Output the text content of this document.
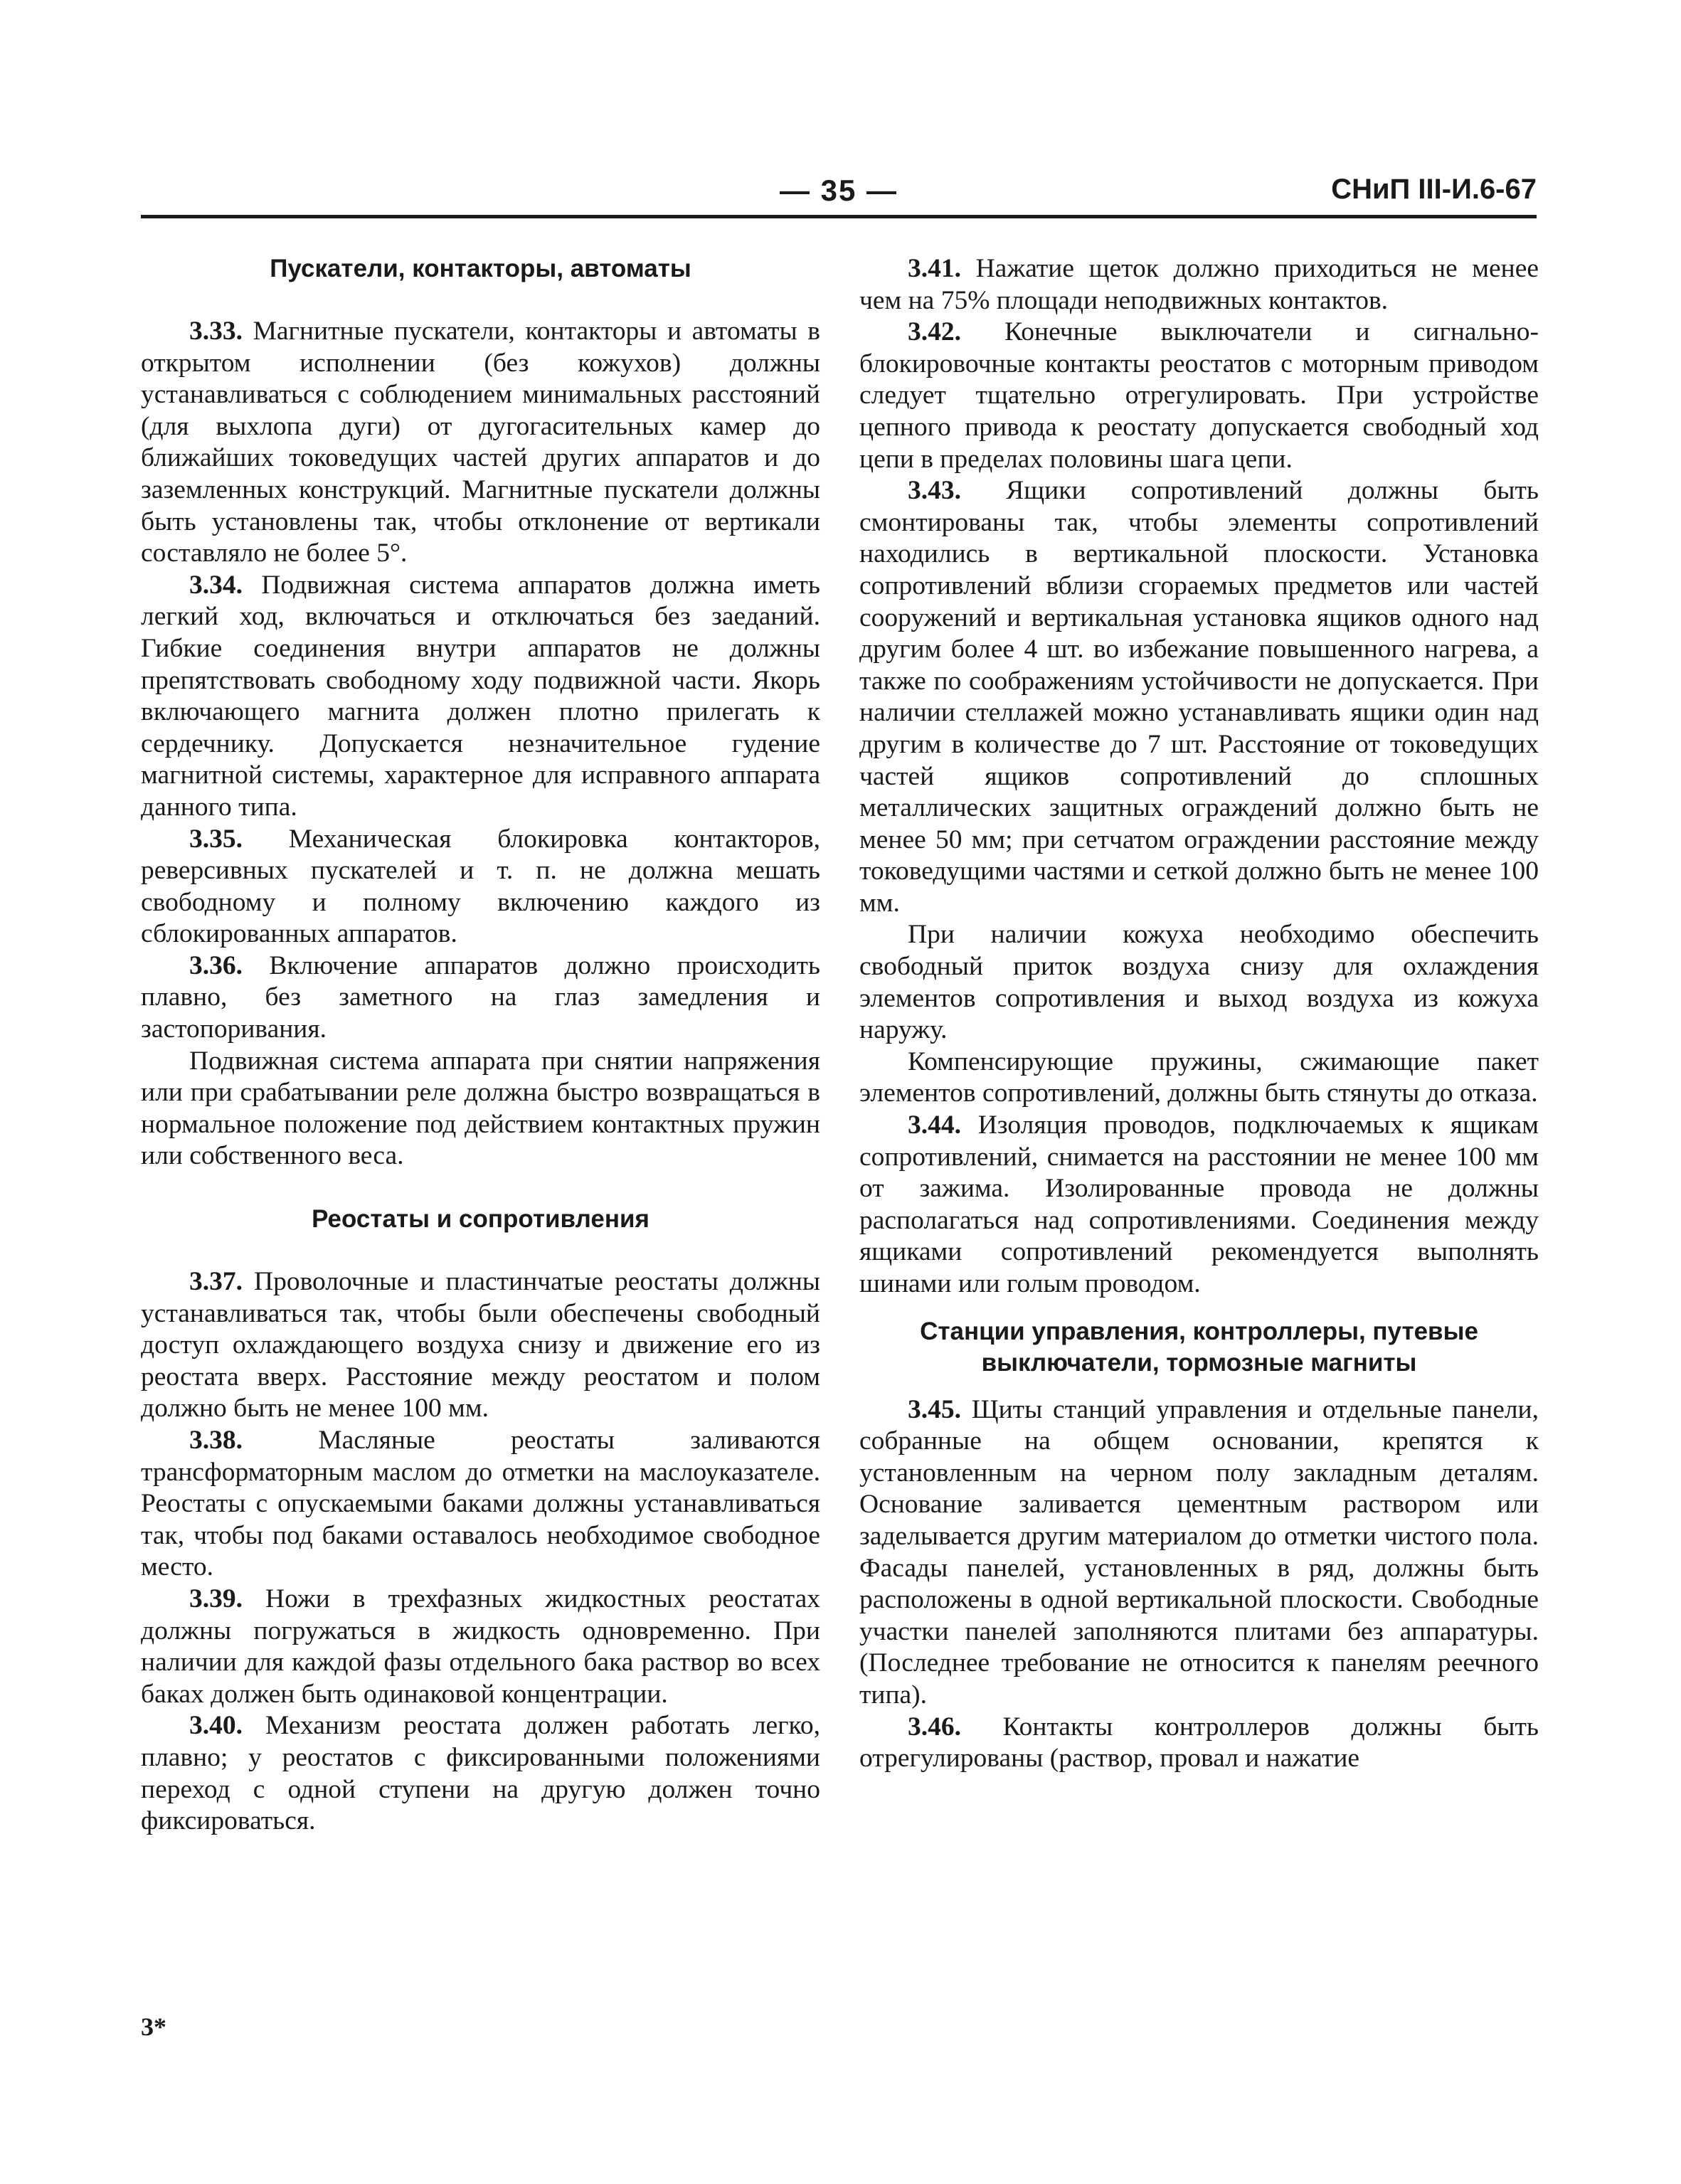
— 35 —	СНиП III-И.6-67
Пускатели, контакторы, автоматы

3.33. Магнитные пускатели, контакторы и автоматы в открытом исполнении (без кожухов) должны устанавливаться с соблюдением минимальных расстояний (для выхлопа дуги) от дугогасительных камер до ближайших токоведущих частей других аппаратов и до заземленных конструкций. Магнитные пускатели должны быть установлены так, чтобы отклонение от вертикали составляло не более 5°.

3.34. Подвижная система аппаратов должна иметь легкий ход, включаться и отключаться без заеданий. Гибкие соединения внутри аппаратов не должны препятствовать свободному ходу подвижной части. Якорь включающего магнита должен плотно прилегать к сердечнику. Допускается незначительное гудение магнитной системы, характерное для исправного аппарата данного типа.

3.35. Механическая блокировка контакторов, реверсивных пускателей и т. п. не должна мешать свободному и полному включению каждого из сблокированных аппаратов.

3.36. Включение аппаратов должно происходить плавно, без заметного на глаз замедления и застопоривания.

Подвижная система аппарата при снятии напряжения или при срабатывании реле должна быстро возвращаться в нормальное положение под действием контактных пружин или собственного веса.

Реостаты и сопротивления

3.37. Проволочные и пластинчатые реостаты должны устанавливаться так, чтобы были обеспечены свободный доступ охлаждающего воздуха снизу и движение его из реостата вверх. Расстояние между реостатом и полом должно быть не менее 100 мм.

3.38. Масляные реостаты заливаются трансформаторным маслом до отметки на маслоуказателе. Реостаты с опускаемыми баками должны устанавливаться так, чтобы под баками оставалось необходимое свободное место.

3.39. Ножи в трехфазных жидкостных реостатах должны погружаться в жидкость одновременно. При наличии для каждой фазы отдельного бака раствор во всех баках должен быть одинаковой концентрации.

3.40. Механизм реостата должен работать легко, плавно; у реостатов с фиксированными положениями переход с одной ступени на другую должен точно фиксироваться.

3.41. Нажатие щеток должно приходиться не менее чем на 75% площади неподвижных контактов.

3.42. Конечные выключатели и сигнально-блокировочные контакты реостатов с моторным приводом следует тщательно отрегулировать. При устройстве цепного привода к реостату допускается свободный ход цепи в пределах половины шага цепи.

3.43. Ящики сопротивлений должны быть смонтированы так, чтобы элементы сопротивлений находились в вертикальной плоскости. Установка сопротивлений вблизи сгораемых предметов или частей сооружений и вертикальная установка ящиков одного над другим более 4 шт. во избежание повышенного нагрева, а также по соображениям устойчивости не допускается. При наличии стеллажей можно устанавливать ящики один над другим в количестве до 7 шт. Расстояние от токоведущих частей ящиков сопротивлений до сплошных металлических защитных ограждений должно быть не менее 50 мм; при сетчатом ограждении расстояние между токоведущими частями и сеткой должно быть не менее 100 мм.

При наличии кожуха необходимо обеспечить свободный приток воздуха снизу для охлаждения элементов сопротивления и выход воздуха из кожуха наружу.

Компенсирующие пружины, сжимающие пакет элементов сопротивлений, должны быть стянуты до отказа.

3.44. Изоляция проводов, подключаемых к ящикам сопротивлений, снимается на расстоянии не менее 100 мм от зажима. Изолированные провода не должны располагаться над сопротивлениями. Соединения между ящиками сопротивлений рекомендуется выполнять шинами или голым проводом.

Станции управления, контроллеры, путевые выключатели, тормозные магниты

3.45. Щиты станций управления и отдельные панели, собранные на общем основании, крепятся к установленным на черном полу закладным деталям. Основание заливается цементным раствором или заделывается другим материалом до отметки чистого пола. Фасады панелей, установленных в ряд, должны быть расположены в одной вертикальной плоскости. Свободные участки панелей заполняются плитами без аппаратуры. (Последнее требование не относится к панелям реечного типа).

3.46. Контакты контроллеров должны быть отрегулированы (раствор, провал и нажатие

3*
